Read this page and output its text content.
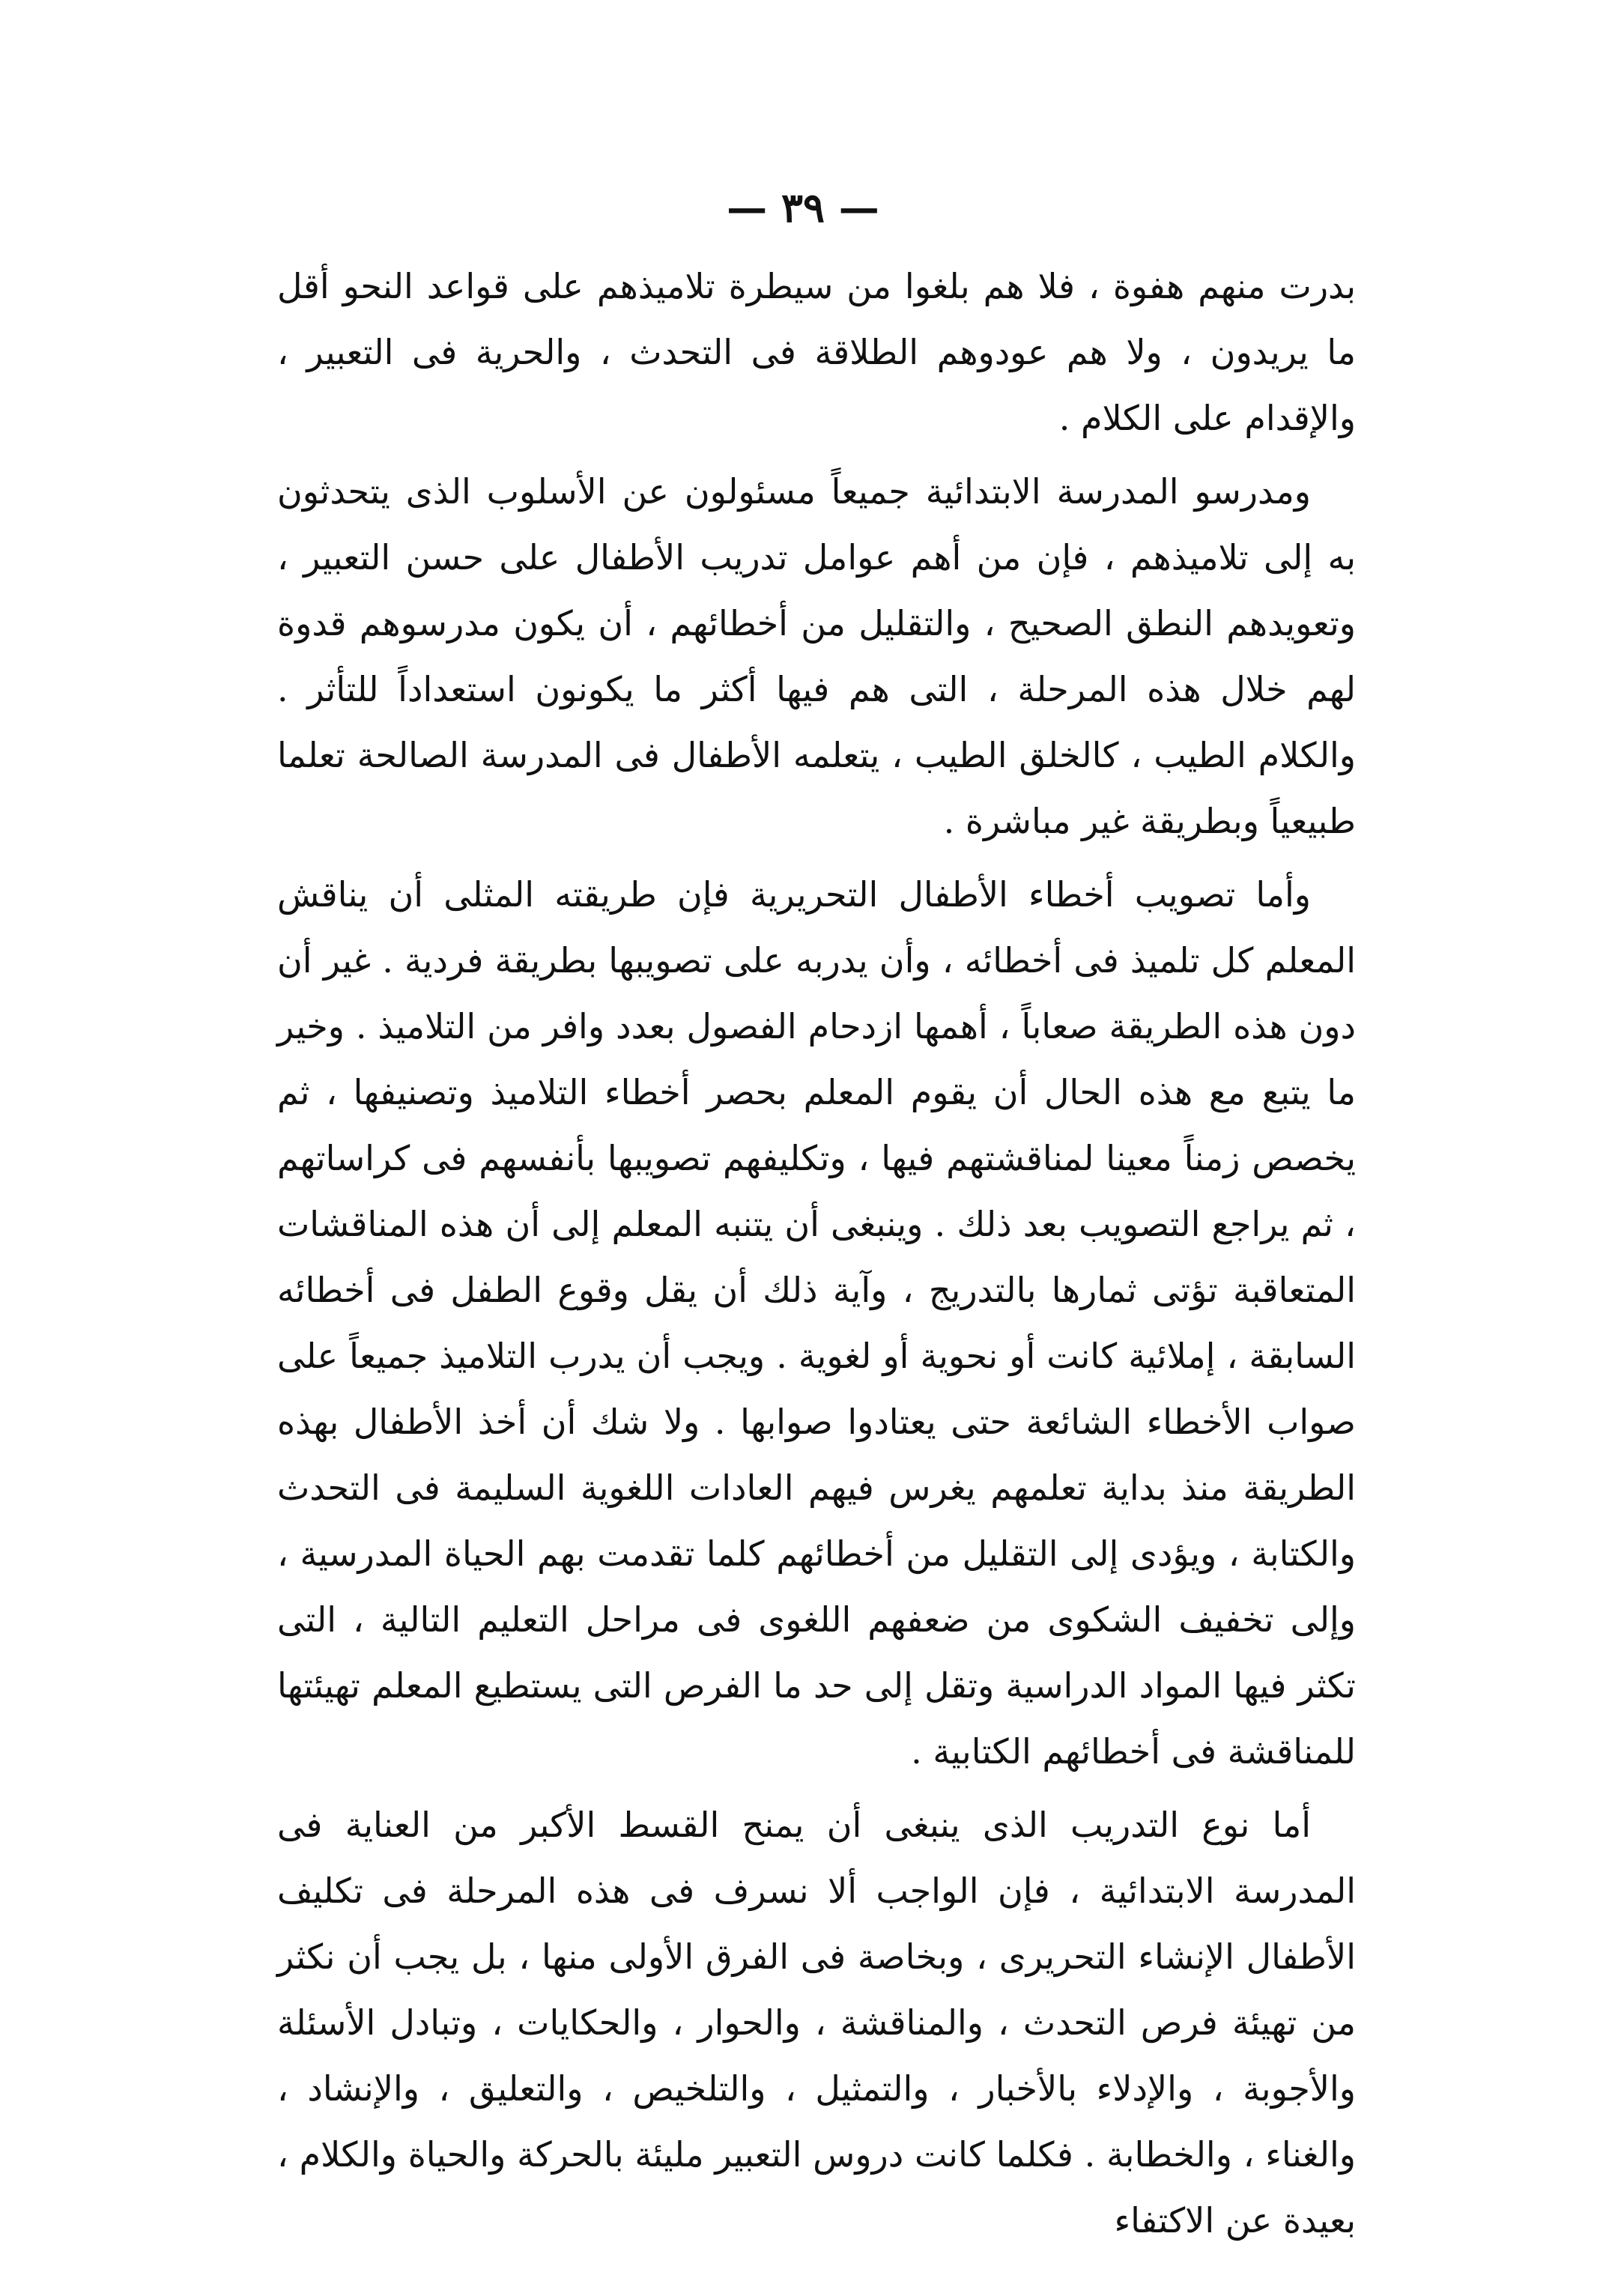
— ٣٩ —

بدرت منهم هفوة ، فلا هم بلغوا من سيطرة تلاميذهم على قواعد النحو أقل ما يريدون ، ولا هم عودوهم الطلاقة فى التحدث ، والحرية فى التعبير ، والإقدام على الكلام .

ومدرسو المدرسة الابتدائية جميعاً مسئولون عن الأسلوب الذى يتحدثون به إلى تلاميذهم ، فإن من أهم عوامل تدريب الأطفال على حسن التعبير ، وتعويدهم النطق الصحيح ، والتقليل من أخطائهم ، أن يكون مدرسوهم قدوة لهم خلال هذه المرحلة ، التى هم فيها أكثر ما يكونون استعداداً للتأثر . والكلام الطيب ، كالخلق الطيب ، يتعلمه الأطفال فى المدرسة الصالحة تعلما طبيعياً وبطريقة غير مباشرة .

وأما تصويب أخطاء الأطفال التحريرية فإن طريقته المثلى أن يناقش المعلم كل تلميذ فى أخطائه ، وأن يدربه على تصويبها بطريقة فردية . غير أن دون هذه الطريقة صعاباً ، أهمها ازدحام الفصول بعدد وافر من التلاميذ . وخير ما يتبع مع هذه الحال أن يقوم المعلم بحصر أخطاء التلاميذ وتصنيفها ، ثم يخصص زمناً معينا لمناقشتهم فيها ، وتكليفهم تصويبها بأنفسهم فى كراساتهم ، ثم يراجع التصويب بعد ذلك . وينبغى أن يتنبه المعلم إلى أن هذه المناقشات المتعاقبة تؤتى ثمارها بالتدريج ، وآية ذلك أن يقل وقوع الطفل فى أخطائه السابقة ، إملائية كانت أو نحوية أو لغوية . ويجب أن يدرب التلاميذ جميعاً على صواب الأخطاء الشائعة حتى يعتادوا صوابها . ولا شك أن أخذ الأطفال بهذه الطريقة منذ بداية تعلمهم يغرس فيهم العادات اللغوية السليمة فى التحدث والكتابة ، ويؤدى إلى التقليل من أخطائهم كلما تقدمت بهم الحياة المدرسية ، وإلى تخفيف الشكوى من ضعفهم اللغوى فى مراحل التعليم التالية ، التى تكثر فيها المواد الدراسية وتقل إلى حد ما الفرص التى يستطيع المعلم تهيئتها للمناقشة فى أخطائهم الكتابية .

أما نوع التدريب الذى ينبغى أن يمنح القسط الأكبر من العناية فى المدرسة الابتدائية ، فإن الواجب ألا نسرف فى هذه المرحلة فى تكليف الأطفال الإنشاء التحريرى ، وبخاصة فى الفرق الأولى منها ، بل يجب أن نكثر من تهيئة فرص التحدث ، والمناقشة ، والحوار ، والحكايات ، وتبادل الأسئلة والأجوبة ، والإدلاء بالأخبار ، والتمثيل ، والتلخيص ، والتعليق ، والإنشاد ، والغناء ، والخطابة . فكلما كانت دروس التعبير مليئة بالحركة والحياة والكلام ، بعيدة عن الاكتفاء
